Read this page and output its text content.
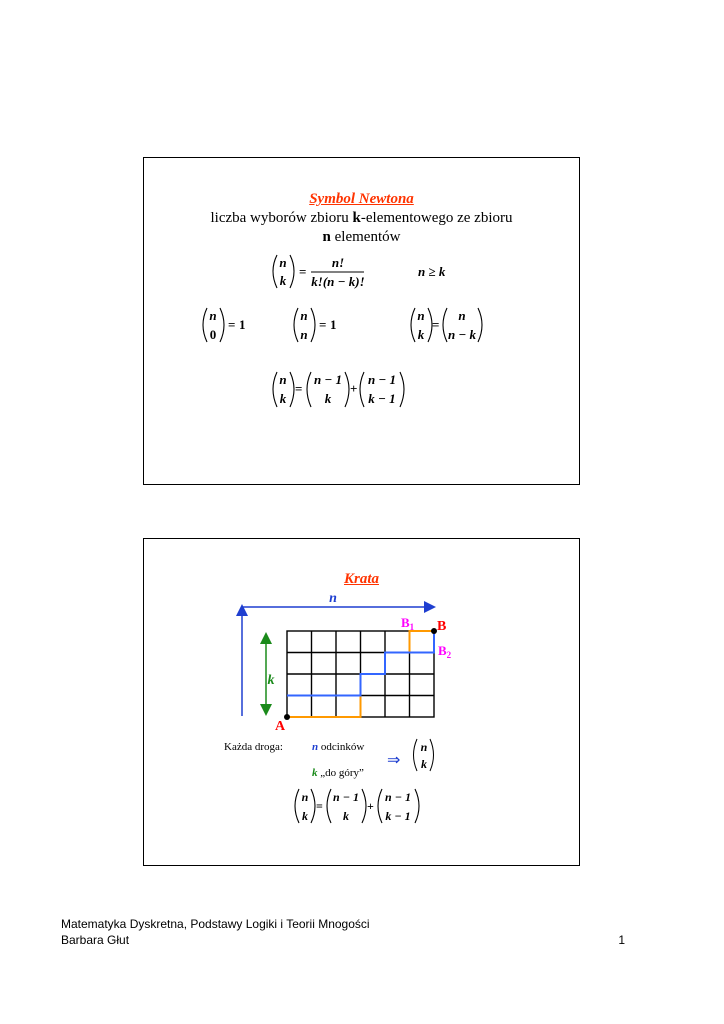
Symbol Newtona
liczba wyborów zbioru k-elementowego ze zbioru
n elementów
n
k
=
n!
k!(n − k)!
n ≥ k
n
0
= 1
n
n
= 1
n
k
=
n
n − k
n
k
=
n − 1
k
+
n − 1
k − 1
Krata
n
k
A
B
$B_1$
$B_2$
Każda droga:	n odcinków
k „do góry”
⇒
n
k
n
k
=
n − 1
k
+
n − 1
k − 1
Matematyka Dyskretna, Podstawy Logiki i Teorii Mnogości
Barbara Głut	1
